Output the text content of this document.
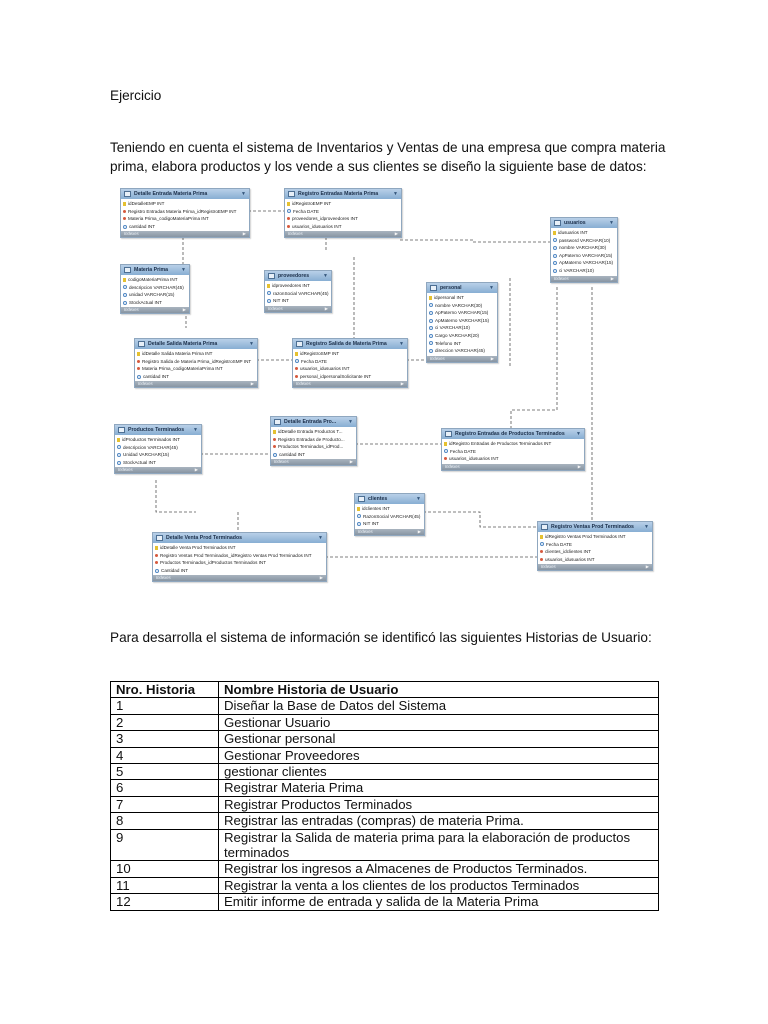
Ejercicio
Teniendo en cuenta el sistema de Inventarios y Ventas de una empresa que compra materia prima, elabora productos y los vende a sus clientes se diseño la siguiente base de datos:
Detalle Entrada Materia Prima	▼
idDetalleEMP INT
Registro Entradas Materia Prima_idRegistroEMP INT
Materia Prima_codigoMateriaPrima INT
cantidad INT
Indexes	▶
Registro Entradas Materia Prima	▼
idRegistroEMP INT
Fecha DATE
proveedores_idproveedores INT
usuarios_idusuarios INT
Indexes	▶
usuarios	▼
idusuarios INT
password VARCHAR(10)
nombre VARCHAR(30)
ApPaterno VARCHAR(15)
ApMaterno VARCHAR(15)
ci VARCHAR(10)
Indexes	▶
Materia Prima	▼
codigoMateriaPrima INT
descripcion VARCHAR(45)
unidad VARCHAR(15)
StockActual INT
Indexes	▶
proveedores	▼
idproveedores INT
razonSocial VARCHAR(45)
NIT INT
Indexes	▶
personal	▼
idpersonal INT
nombre VARCHAR(30)
ApPaterno VARCHAR(15)
ApMaterno VARCHAR(15)
ci VARCHAR(10)
Cargo VARCHAR(20)
Telefono INT
direccion VARCHAR(45)
Indexes	▶
Detalle Salida Materia Prima	▼
idDetalle Salida Materia Prima INT
Registro Salida de Materia Prima_idRegistroSMP INT
Materia Prima_codigoMateriaPrima INT
cantidad INT
Indexes	▶
Registro Salida de Materia Prima ▼
idRegistroSMP INT
Fecha DATE
usuarios_idusuarios INT
personal_idpersonalSolicitante INT
Indexes	▶
Productos Terminados ▼
idProductos Terminados INT
descripcion VARCHAR(45)
Unidad VARCHAR(15)
StockActual INT
Indexes	▶
Detalle Entrada Pro... ▼
idDetalle Entrada Productos T...
Registro Entradas de Producto...
Productos Terminados_idProd...
cantidad INT
Indexes	▶
Registro Entradas de Productos Terminados ▼
idRegistro Entradas de Productos Terminados INT
Fecha DATE
usuarios_idusuarios INT
Indexes	▶
clientes	▼
idclientes INT
RazonSocial VARCHAR(45)
NIT INT
Indexes	▶
Detalle Venta Prod Terminados	▼
idDetalle Venta Prod Terminados INT
Registro Ventas Prod Terminados_idRegistro Ventas Prod Terminados INT
Productos Terminados_idProductos Terminados INT
Cantidad INT
Indexes	▶
Registro Ventas Prod Terminados ▼
idRegistro Ventas Prod Terminados INT
Fecha DATE
clientes_idclientes INT
usuarios_idusuarios INT
Indexes	▶
Para desarrolla el sistema de información se identificó las siguientes Historias de Usuario:
Nro. Historia	Nombre Historia de Usuario
1	Diseñar la Base de Datos del Sistema
2	Gestionar Usuario
3	Gestionar personal
4	Gestionar Proveedores
5	gestionar clientes
6	Registrar Materia Prima
7	Registrar Productos Terminados
8	Registrar las entradas (compras) de materia Prima.
9	Registrar la Salida de materia prima para la elaboración de productos terminados
10	Registrar los ingresos a Almacenes de Productos Terminados.
11	Registrar la venta a los clientes de los productos Terminados
12	Emitir informe de entrada y salida de la Materia Prima
